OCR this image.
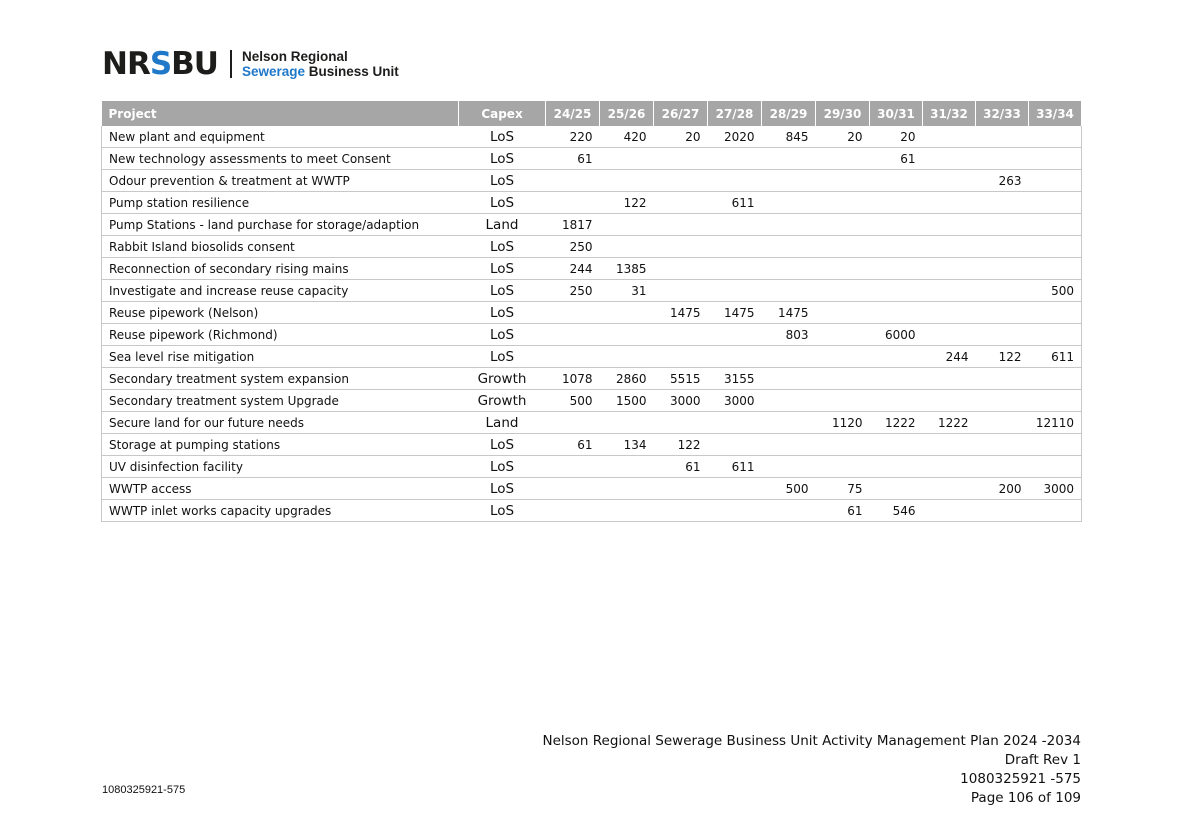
NRSBU Nelson Regional
Sewerage Business Unit
Project	Capex	24/25	25/26	26/27	27/28	28/29	29/30	30/31	31/32	32/33	33/34
New plant and equipment	LoS	220	420	20	2020	845	20	20			
New technology assessments to meet Consent	LoS	61						61			
Odour prevention & treatment at WWTP	LoS									263	
Pump station resilience	LoS		122		611						
Pump Stations - land purchase for storage/adaption	Land	1817									
Rabbit Island biosolids consent	LoS	250									
Reconnection of secondary rising mains	LoS	244	1385								
Investigate and increase reuse capacity	LoS	250	31								500
Reuse pipework (Nelson)	LoS			1475	1475	1475					
Reuse pipework (Richmond)	LoS					803		6000			
Sea level rise mitigation	LoS								244	122	611
Secondary treatment system expansion	Growth	1078	2860	5515	3155						
Secondary treatment system Upgrade	Growth	500	1500	3000	3000						
Secure land for our future needs	Land						1120	1222	1222		12110
Storage at pumping stations	LoS	61	134	122							
UV disinfection facility	LoS			61	611						
WWTP access	LoS					500	75			200	3000
WWTP inlet works capacity upgrades	LoS						61	546			
1080325921-575
Nelson Regional Sewerage Business Unit Activity Management Plan 2024 -2034
Draft Rev 1
1080325921 -575
Page 106 of 109
